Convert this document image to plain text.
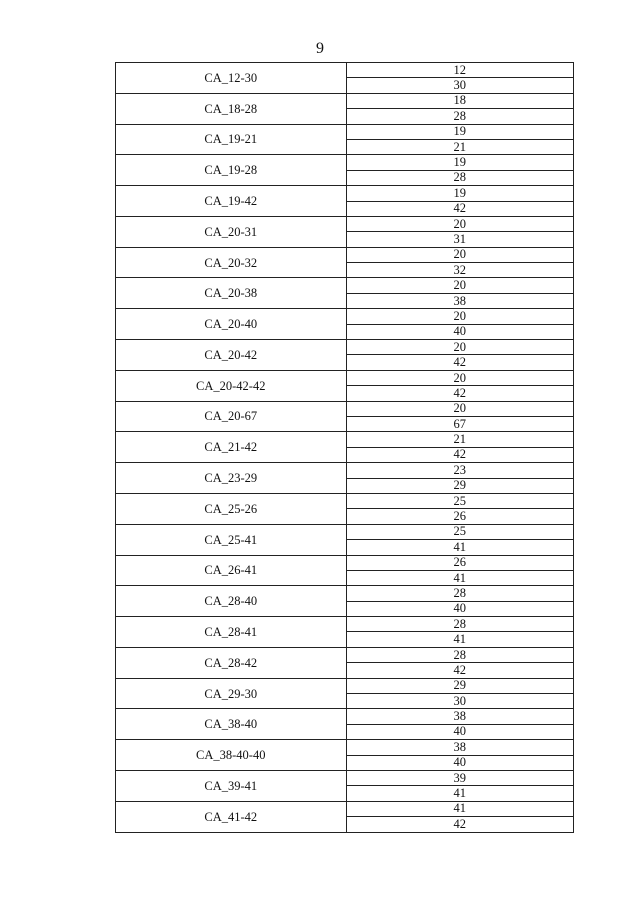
9
CA_12-30	12
	30
CA_18-28	18
	28
CA_19-21	19
	21
CA_19-28	19
	28
CA_19-42	19
	42
CA_20-31	20
	31
CA_20-32	20
	32
CA_20-38	20
	38
CA_20-40	20
	40
CA_20-42	20
	42
CA_20-42-42	20
	42
CA_20-67	20
	67
CA_21-42	21
	42
CA_23-29	23
	29
CA_25-26	25
	26
CA_25-41	25
	41
CA_26-41	26
	41
CA_28-40	28
	40
CA_28-41	28
	41
CA_28-42	28
	42
CA_29-30	29
	30
CA_38-40	38
	40
CA_38-40-40	38
	40
CA_39-41	39
	41
CA_41-42	41
	42
